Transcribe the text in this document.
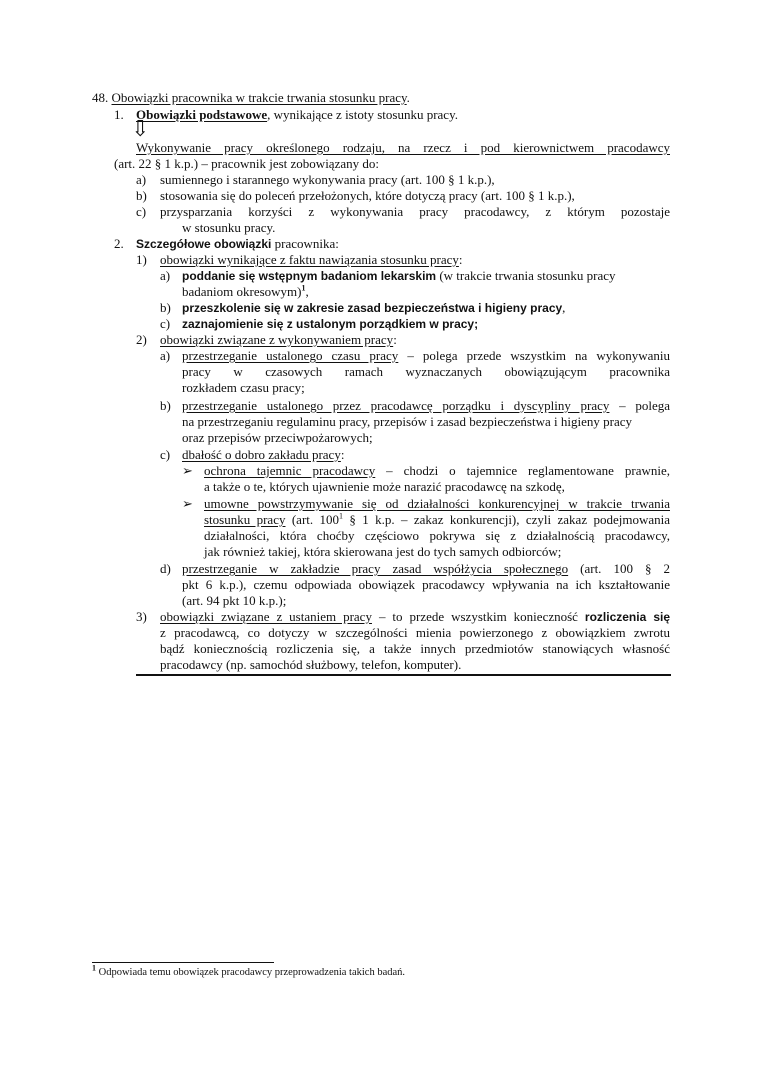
48. Obowiązki pracownika w trakcie trwania stosunku pracy.
1. Obowiązki podstawowe, wynikające z istoty stosunku pracy.
⇩
Wykonywanie pracy określonego rodzaju, na rzecz i pod kierownictwem pracodawcy
(art. 22 § 1 k.p.) – pracownik jest zobowiązany do:
a) sumiennego i starannego wykonywania pracy (art. 100 § 1 k.p.),
b) stosowania się do poleceń przełożonych, które dotyczą pracy (art. 100 § 1 k.p.),
c) przysparzania korzyści z wykonywania pracy pracodawcy, z którym pozostaje
w stosunku pracy.
2. Szczegółowe obowiązki pracownika:
1) obowiązki wynikające z faktu nawiązania stosunku pracy:
a) poddanie się wstępnym badaniom lekarskim (w trakcie trwania stosunku pracy
badaniom okresowym)$^1$,
b) przeszkolenie się w zakresie zasad bezpieczeństwa i higieny pracy,
c) zaznajomienie się z ustalonym porządkiem w pracy;
2) obowiązki związane z wykonywaniem pracy:
a) przestrzeganie ustalonego czasu pracy – polega przede wszystkim na wykonywaniu
pracy w czasowych ramach wyznaczanych obowiązującym pracownika
rozkładem czasu pracy;
b) przestrzeganie ustalonego przez pracodawcę porządku i dyscypliny pracy – polega
na przestrzeganiu regulaminu pracy, przepisów i zasad bezpieczeństwa i higieny pracy
oraz przepisów przeciwpożarowych;
c) dbałość o dobro zakładu pracy:
➢ ochrona tajemnic pracodawcy – chodzi o tajemnice reglamentowane prawnie,
a także o te, których ujawnienie może narazić pracodawcę na szkodę,
➢ umowne powstrzymywanie się od działalności konkurencyjnej w trakcie trwania
stosunku pracy (art. $100^1$ § 1 k.p. – zakaz konkurencji), czyli zakaz podejmowania
działalności, która choćby częściowo pokrywa się z działalnością pracodawcy,
jak również takiej, która skierowana jest do tych samych odbiorców;
d) przestrzeganie w zakładzie pracy zasad współżycia społecznego (art. 100 § 2
pkt 6 k.p.), czemu odpowiada obowiązek pracodawcy wpływania na ich kształtowanie
(art. 94 pkt 10 k.p.);
3) obowiązki związane z ustaniem pracy – to przede wszystkim konieczność rozliczenia się
z pracodawcą, co dotyczy w szczególności mienia powierzonego z obowiązkiem zwrotu
bądź koniecznością rozliczenia się, a także innych przedmiotów stanowiących własność
pracodawcy (np. samochód służbowy, telefon, komputer).
$^1$ Odpowiada temu obowiązek pracodawcy przeprowadzenia takich badań.
